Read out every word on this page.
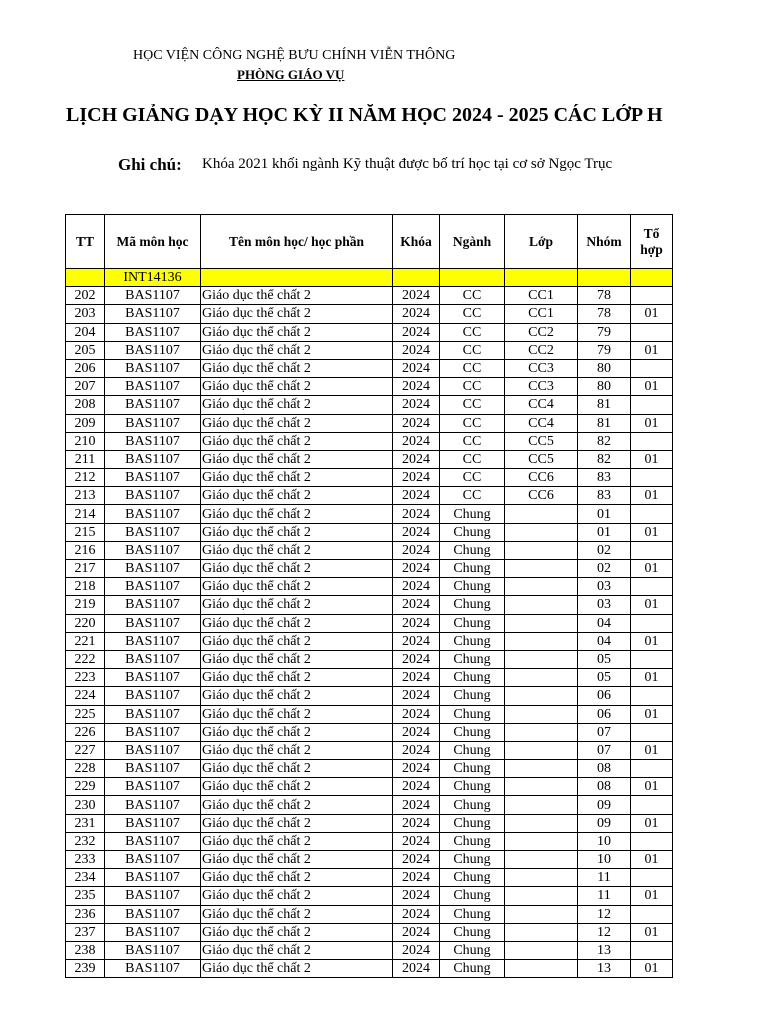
HỌC VIỆN CÔNG NGHỆ BƯU CHÍNH VIỄN THÔNG
PHÒNG GIÁO VỤ
LỊCH GIẢNG DẠY HỌC KỲ II NĂM HỌC 2024 - 2025 CÁC LỚP H
Ghi chú: Khóa 2021 khối ngành Kỹ thuật được bố trí học tại cơ sở Ngọc Trục
TT	Mã môn học	Tên môn học/ học phần	Khóa	Ngành	Lớp	Nhóm	Tổ hợp
	INT14136						
202	BAS1107	Giáo dục thể chất 2	2024	CC	CC1	78	
203	BAS1107	Giáo dục thể chất 2	2024	CC	CC1	78	01
204	BAS1107	Giáo dục thể chất 2	2024	CC	CC2	79	
205	BAS1107	Giáo dục thể chất 2	2024	CC	CC2	79	01
206	BAS1107	Giáo dục thể chất 2	2024	CC	CC3	80	
207	BAS1107	Giáo dục thể chất 2	2024	CC	CC3	80	01
208	BAS1107	Giáo dục thể chất 2	2024	CC	CC4	81	
209	BAS1107	Giáo dục thể chất 2	2024	CC	CC4	81	01
210	BAS1107	Giáo dục thể chất 2	2024	CC	CC5	82	
211	BAS1107	Giáo dục thể chất 2	2024	CC	CC5	82	01
212	BAS1107	Giáo dục thể chất 2	2024	CC	CC6	83	
213	BAS1107	Giáo dục thể chất 2	2024	CC	CC6	83	01
214	BAS1107	Giáo dục thể chất 2	2024	Chung		01	
215	BAS1107	Giáo dục thể chất 2	2024	Chung		01	01
216	BAS1107	Giáo dục thể chất 2	2024	Chung		02	
217	BAS1107	Giáo dục thể chất 2	2024	Chung		02	01
218	BAS1107	Giáo dục thể chất 2	2024	Chung		03	
219	BAS1107	Giáo dục thể chất 2	2024	Chung		03	01
220	BAS1107	Giáo dục thể chất 2	2024	Chung		04	
221	BAS1107	Giáo dục thể chất 2	2024	Chung		04	01
222	BAS1107	Giáo dục thể chất 2	2024	Chung		05	
223	BAS1107	Giáo dục thể chất 2	2024	Chung		05	01
224	BAS1107	Giáo dục thể chất 2	2024	Chung		06	
225	BAS1107	Giáo dục thể chất 2	2024	Chung		06	01
226	BAS1107	Giáo dục thể chất 2	2024	Chung		07	
227	BAS1107	Giáo dục thể chất 2	2024	Chung		07	01
228	BAS1107	Giáo dục thể chất 2	2024	Chung		08	
229	BAS1107	Giáo dục thể chất 2	2024	Chung		08	01
230	BAS1107	Giáo dục thể chất 2	2024	Chung		09	
231	BAS1107	Giáo dục thể chất 2	2024	Chung		09	01
232	BAS1107	Giáo dục thể chất 2	2024	Chung		10	
233	BAS1107	Giáo dục thể chất 2	2024	Chung		10	01
234	BAS1107	Giáo dục thể chất 2	2024	Chung		11	
235	BAS1107	Giáo dục thể chất 2	2024	Chung		11	01
236	BAS1107	Giáo dục thể chất 2	2024	Chung		12	
237	BAS1107	Giáo dục thể chất 2	2024	Chung		12	01
238	BAS1107	Giáo dục thể chất 2	2024	Chung		13	
239	BAS1107	Giáo dục thể chất 2	2024	Chung		13	01
